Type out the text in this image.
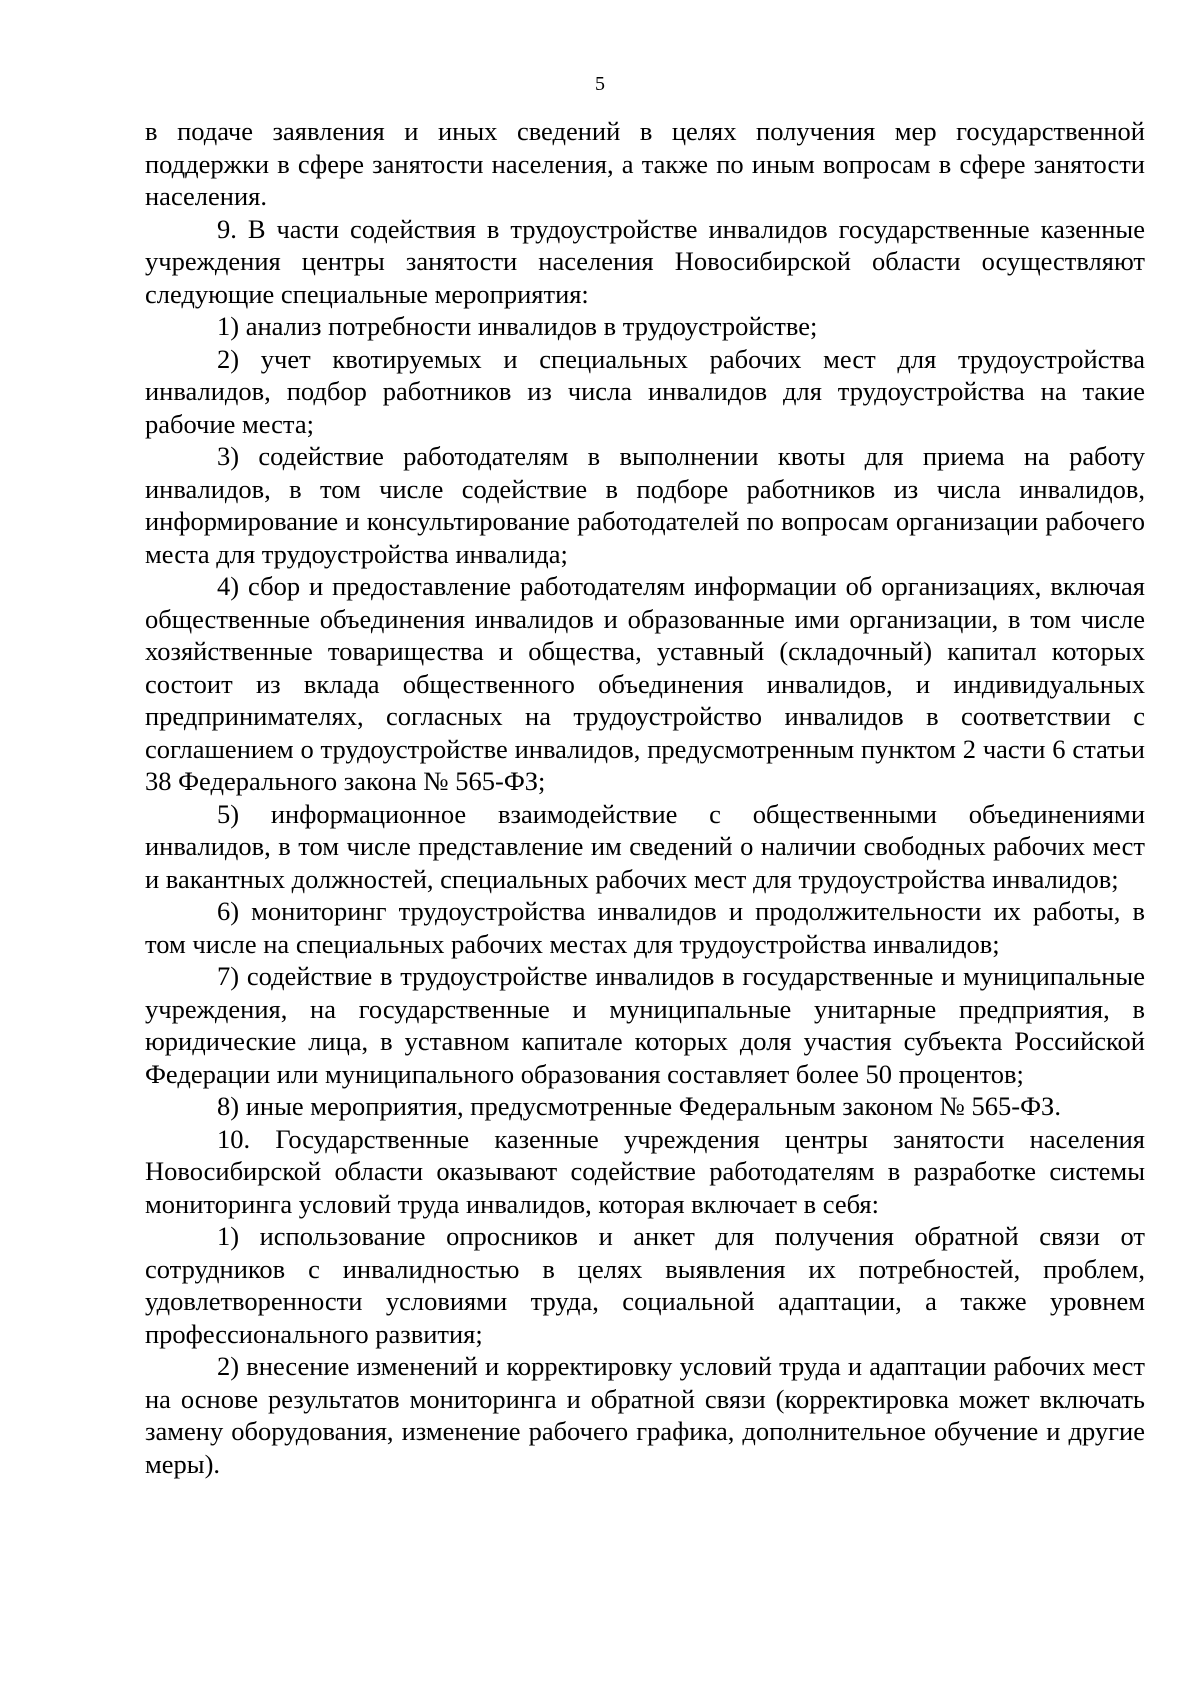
5

в подаче заявления и иных сведений в целях получения мер государственной поддержки в сфере занятости населения, а также по иным вопросам в сфере занятости населения.

9. В части содействия в трудоустройстве инвалидов государственные казенные учреждения центры занятости населения Новосибирской области осуществляют следующие специальные мероприятия:

1) анализ потребности инвалидов в трудоустройстве;

2) учет квотируемых и специальных рабочих мест для трудоустройства инвалидов, подбор работников из числа инвалидов для трудоустройства на такие рабочие места;

3) содействие работодателям в выполнении квоты для приема на работу инвалидов, в том числе содействие в подборе работников из числа инвалидов, информирование и консультирование работодателей по вопросам организации рабочего места для трудоустройства инвалида;

4) сбор и предоставление работодателям информации об организациях, включая общественные объединения инвалидов и образованные ими организации, в том числе хозяйственные товарищества и общества, уставный (складочный) капитал которых состоит из вклада общественного объединения инвалидов, и индивидуальных предпринимателях, согласных на трудоустройство инвалидов в соответствии с соглашением о трудоустройстве инвалидов, предусмотренным пунктом 2 части 6 статьи 38 Федерального закона № 565-ФЗ;

5) информационное взаимодействие с общественными объединениями инвалидов, в том числе представление им сведений о наличии свободных рабочих мест и вакантных должностей, специальных рабочих мест для трудоустройства инвалидов;

6) мониторинг трудоустройства инвалидов и продолжительности их работы, в том числе на специальных рабочих местах для трудоустройства инвалидов;

7) содействие в трудоустройстве инвалидов в государственные и муниципальные учреждения, на государственные и муниципальные унитарные предприятия, в юридические лица, в уставном капитале которых доля участия субъекта Российской Федерации или муниципального образования составляет более 50 процентов;

8) иные мероприятия, предусмотренные Федеральным законом № 565-ФЗ.

10. Государственные казенные учреждения центры занятости населения Новосибирской области оказывают содействие работодателям в разработке системы мониторинга условий труда инвалидов, которая включает в себя:

1) использование опросников и анкет для получения обратной связи от сотрудников с инвалидностью в целях выявления их потребностей, проблем, удовлетворенности условиями труда, социальной адаптации, а также уровнем профессионального развития;

2) внесение изменений и корректировку условий труда и адаптации рабочих мест на основе результатов мониторинга и обратной связи (корректировка может включать замену оборудования, изменение рабочего графика, дополнительное обучение и другие меры).
